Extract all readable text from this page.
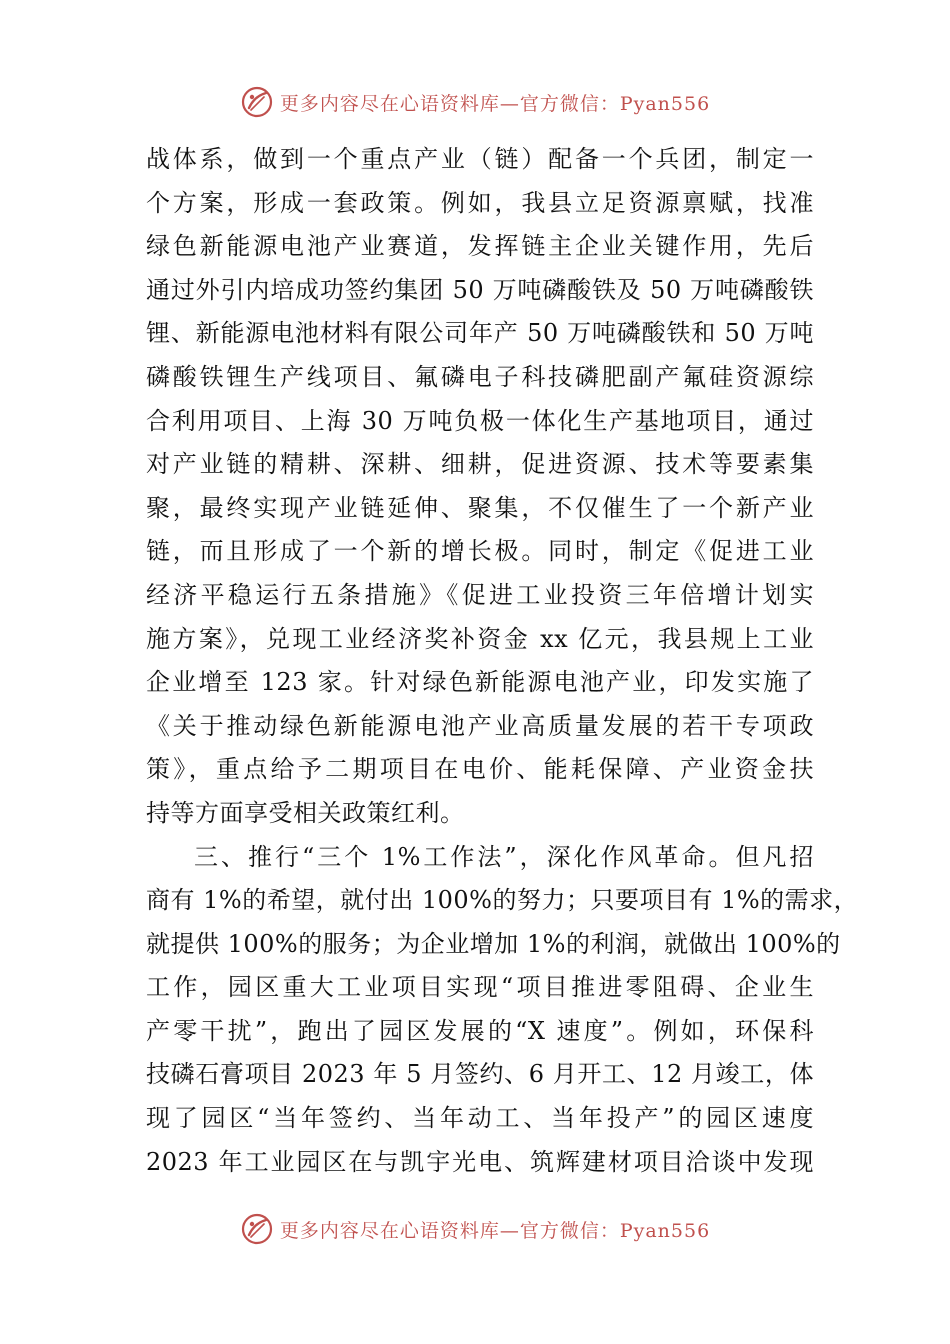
更多内容尽在心语资料库—官方微信：Pyan556
战体系，做到一个重点产业（链）配备一个兵团，制定一
个方案，形成一套政策。例如，我县立足资源禀赋，找准
绿色新能源电池产业赛道，发挥链主企业关键作用，先后
通过外引内培成功签约集团 50 万吨磷酸铁及 50 万吨磷酸铁
锂、新能源电池材料有限公司年产 50 万吨磷酸铁和 50 万吨
磷酸铁锂生产线项目、氟磷电子科技磷肥副产氟硅资源综
合利用项目、上海 30 万吨负极一体化生产基地项目，通过
对产业链的精耕、深耕、细耕，促进资源、技术等要素集
聚，最终实现产业链延伸、聚集，不仅催生了一个新产业
链，而且形成了一个新的增长极。同时，制定《促进工业
经济平稳运行五条措施》《促进工业投资三年倍增计划实
施方案》，兑现工业经济奖补资金 xx 亿元，我县规上工业
企业增至 123 家。针对绿色新能源电池产业，印发实施了
《关于推动绿色新能源电池产业高质量发展的若干专项政
策》，重点给予二期项目在电价、能耗保障、产业资金扶
持等方面享受相关政策红利。
三、推行“三个 1%工作法”，深化作风革命。但凡招
商有 1%的希望，就付出 100%的努力；只要项目有 1%的需求，
就提供 100%的服务；为企业增加 1%的利润，就做出 100%的
工作，园区重大工业项目实现“项目推进零阻碍、企业生
产零干扰”，跑出了园区发展的“X 速度”。例如，环保科
技磷石膏项目 2023 年 5 月签约、6 月开工、12 月竣工，体
现了园区“当年签约、当年动工、当年投产”的园区速度
2023 年工业园区在与凯宇光电、筑辉建材项目洽谈中发现
更多内容尽在心语资料库—官方微信：Pyan556
